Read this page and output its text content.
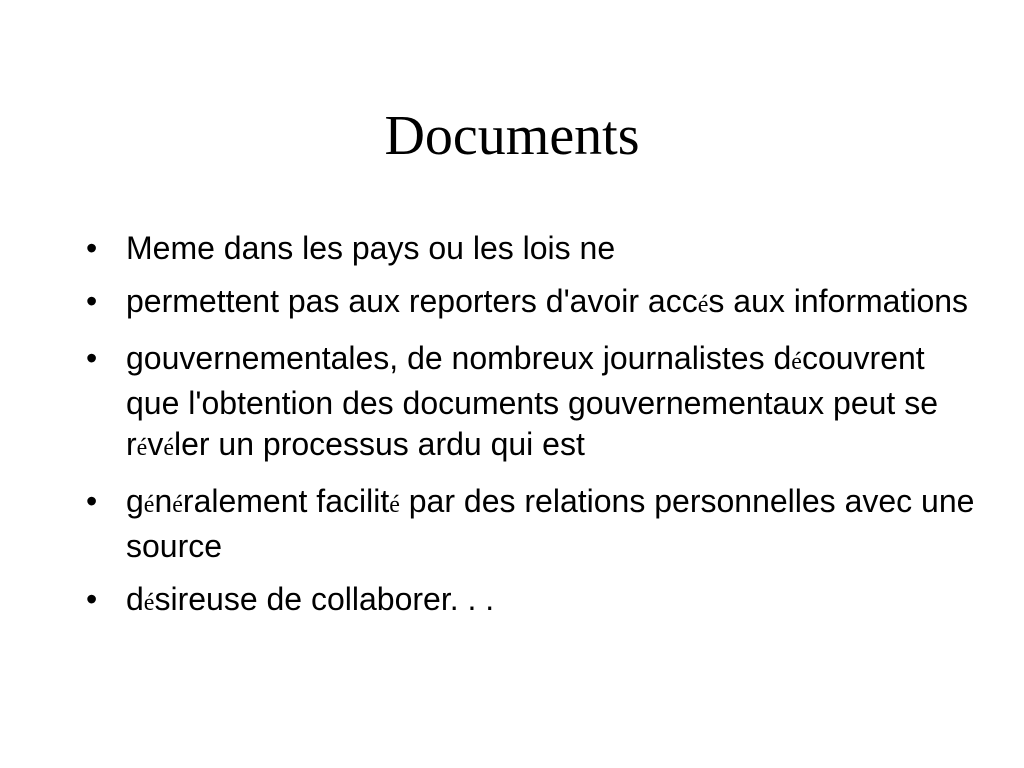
Documents
• Meme dans les pays ou les lois ne
• permettent pas aux reporters d'avoir accés aux informations
• gouvernementales, de nombreux journalistes découvrent que l'obtention des documents gouvernementaux peut se révéler un processus ardu qui est
• généralement facilité par des relations personnelles avec une source
• désireuse de collaborer. . .
